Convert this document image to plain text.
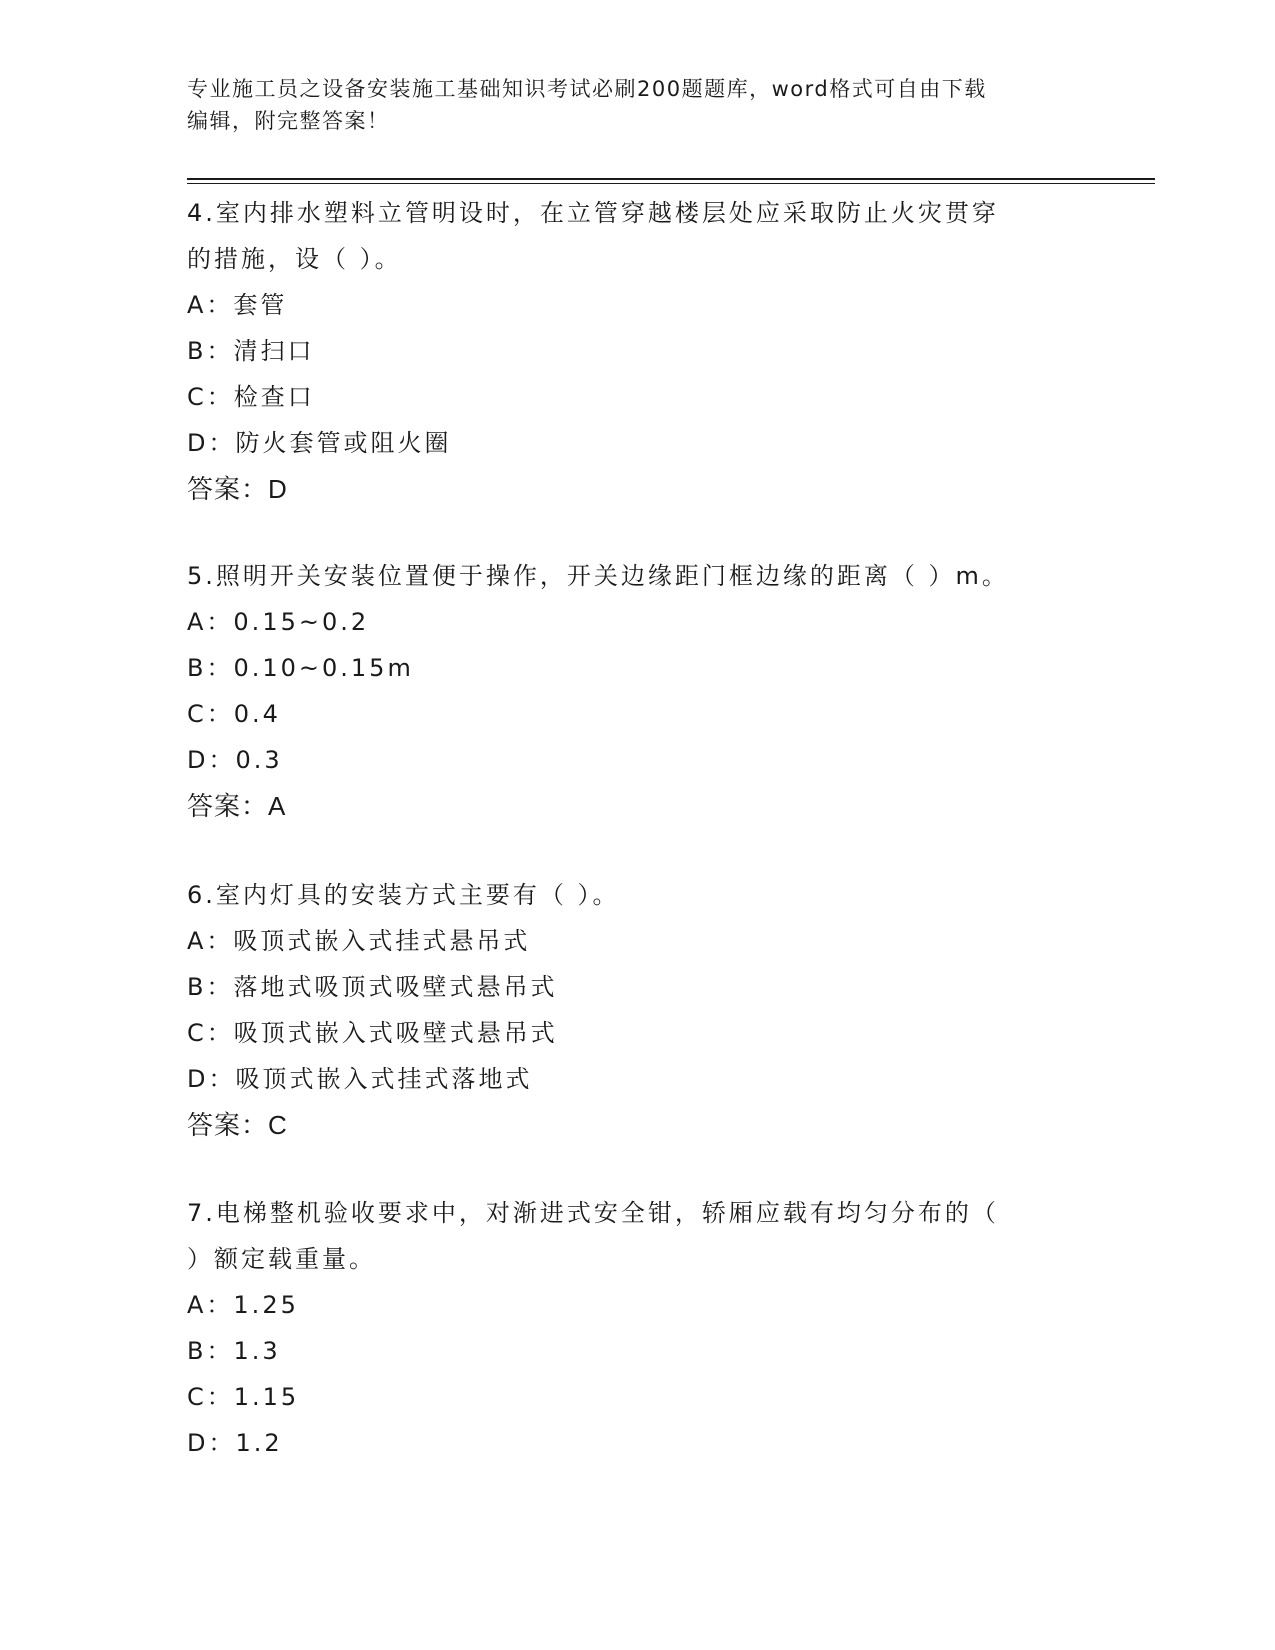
专业施工员之设备安装施工基础知识考试必刷200题题库，word格式可自由下载
编辑，附完整答案！
4.室内排水塑料立管明设时，在立管穿越楼层处应采取防止火灾贯穿
的措施，设（ ）。
A：套管
B：清扫口
C：检查口
D：防火套管或阻火圈
答案：D
5.照明开关安装位置便于操作，开关边缘距门框边缘的距离（ ）m。
A：0.15~0.2
B：0.10~0.15m
C：0.4
D：0.3
答案：A
6.室内灯具的安装方式主要有（ ）。
A：吸顶式嵌入式挂式悬吊式
B：落地式吸顶式吸壁式悬吊式
C：吸顶式嵌入式吸壁式悬吊式
D：吸顶式嵌入式挂式落地式
答案：C
7.电梯整机验收要求中，对渐进式安全钳，轿厢应载有均匀分布的（
）额定载重量。
A：1.25
B：1.3
C：1.15
D：1.2
